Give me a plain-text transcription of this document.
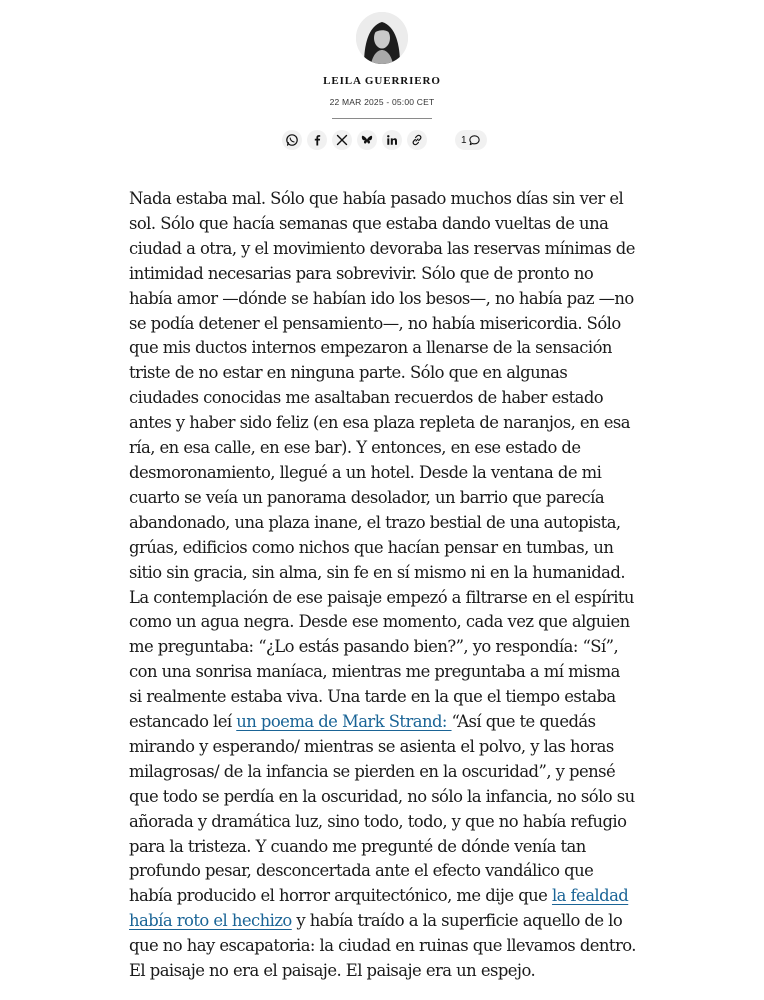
LEILA GUERRIERO
22 MAR 2025 - 05:00 CET
1

Nada estaba mal. Sólo que había pasado muchos días sin ver el sol. Sólo que hacía semanas que estaba dando vueltas de una ciudad a otra, y el movimiento devoraba las reservas mínimas de intimidad necesarias para sobrevivir. Sólo que de pronto no había amor —dónde se habían ido los besos—, no había paz —no se podía detener el pensamiento—, no había misericordia. Sólo que mis ductos internos empezaron a llenarse de la sensación triste de no estar en ninguna parte. Sólo que en algunas ciudades conocidas me asaltaban recuerdos de haber estado antes y haber sido feliz (en esa plaza repleta de naranjos, en esa ría, en esa calle, en ese bar). Y entonces, en ese estado de desmoronamiento, llegué a un hotel. Desde la ventana de mi cuarto se veía un panorama desolador, un barrio que parecía abandonado, una plaza inane, el trazo bestial de una autopista, grúas, edificios como nichos que hacían pensar en tumbas, un sitio sin gracia, sin alma, sin fe en sí mismo ni en la humanidad. La contemplación de ese paisaje empezó a filtrarse en el espíritu como un agua negra. Desde ese momento, cada vez que alguien me preguntaba: “¿Lo estás pasando bien?”, yo respondía: “Sí”, con una sonrisa maníaca, mientras me preguntaba a mí misma si realmente estaba viva. Una tarde en la que el tiempo estaba estancado leí un poema de Mark Strand: “Así que te quedás mirando y esperando/ mientras se asienta el polvo, y las horas milagrosas/ de la infancia se pierden en la oscuridad”, y pensé que todo se perdía en la oscuridad, no sólo la infancia, no sólo su añorada y dramática luz, sino todo, todo, y que no había refugio para la tristeza. Y cuando me pregunté de dónde venía tan profundo pesar, desconcertada ante el efecto vandálico que había producido el horror arquitectónico, me dije que la fealdad había roto el hechizo y había traído a la superficie aquello de lo que no hay escapatoria: la ciudad en ruinas que llevamos dentro. El paisaje no era el paisaje. El paisaje era un espejo.
